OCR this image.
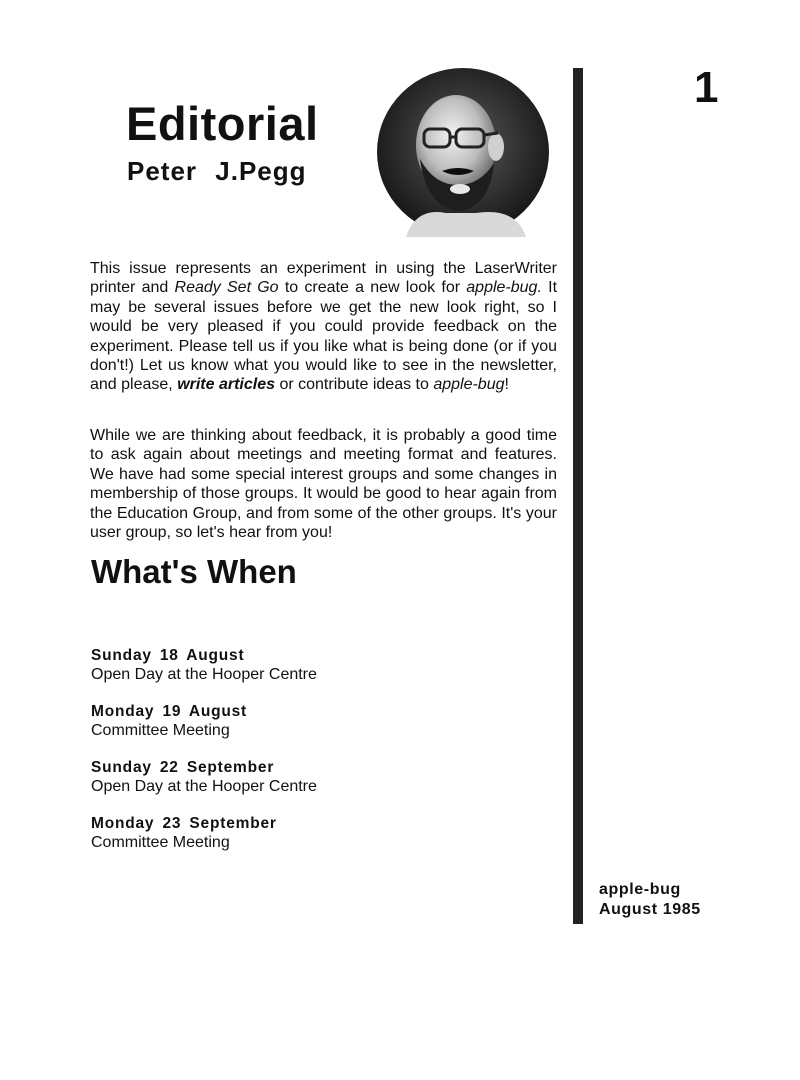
Editorial
Peter J.Pegg

This issue represents an experiment in using the LaserWriter printer and Ready Set Go to create a new look for apple-bug. It may be several issues before we get the new look right, so I would be very pleased if you could provide feedback on the experiment. Please tell us if you like what is being done (or if you don't!) Let us know what you would like to see in the newsletter, and please, write articles or contribute ideas to apple-bug!

While we are thinking about feedback, it is probably a good time to ask again about meetings and meeting format and features. We have had some special interest groups and some changes in membership of those groups. It would be good to hear again from the Education Group, and from some of the other groups. It's your user group, so let's hear from you!

What's When
Sunday 18 August
Open Day at the Hooper Centre
Monday 19 August
Committee Meeting
Sunday 22 September
Open Day at the Hooper Centre
Monday 23 September
Committee Meeting
1
apple-bug
August 1985
